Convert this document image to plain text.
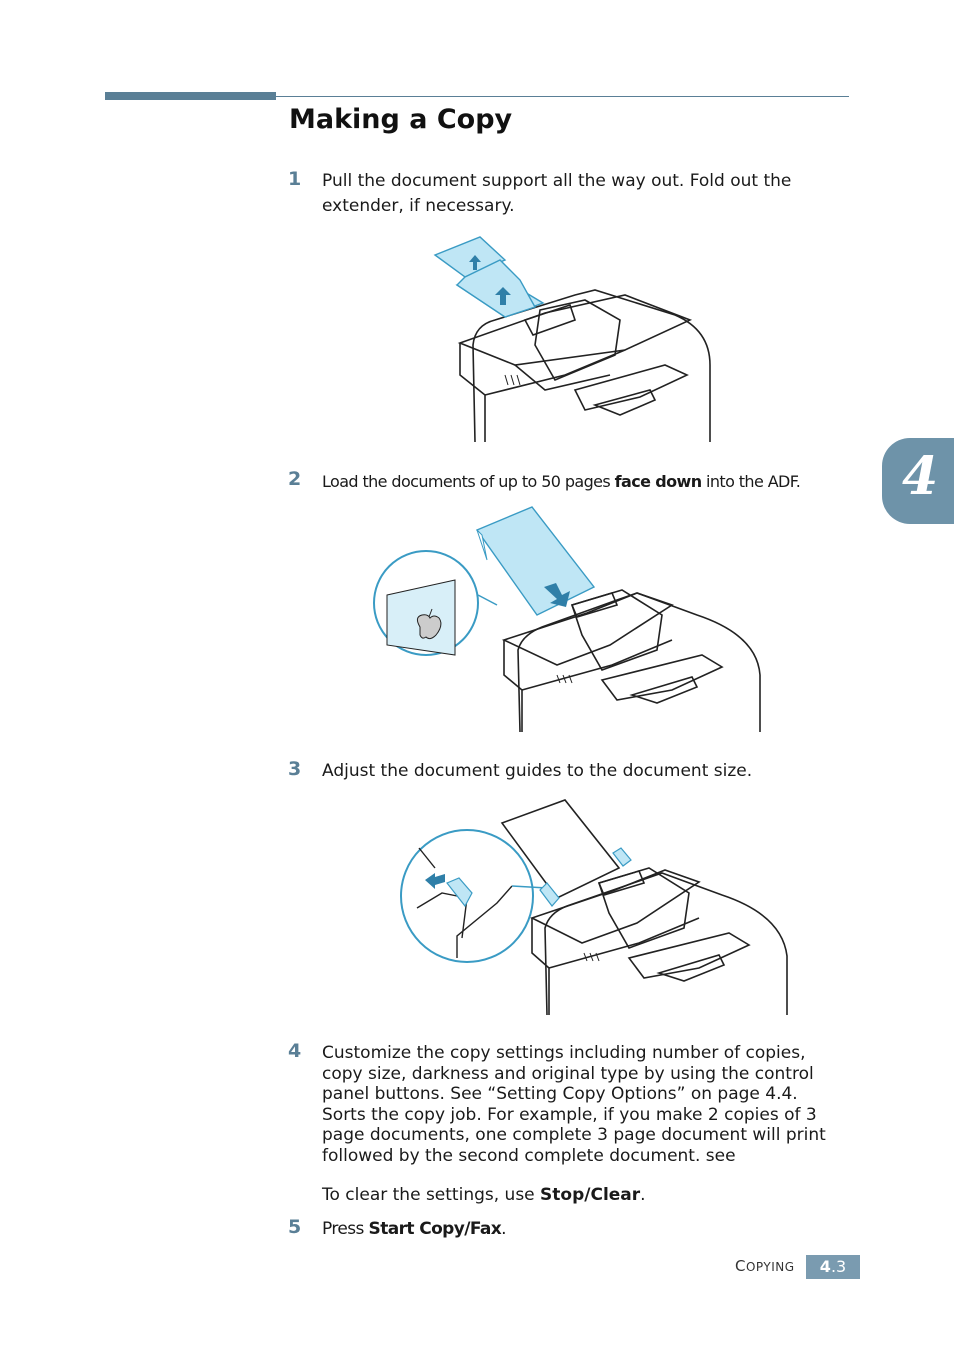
Making a Copy
1 Pull the document support all the way out. Fold out the extender, if necessary.
2 Load the documents of up to 50 pages face down into the ADF.
3 Adjust the document guides to the document size.
4 Customize the copy settings including number of copies,
copy size, darkness and original type by using the control
panel buttons. See “Setting Copy Options” on page 4.4.
Sorts the copy job. For example, if you make 2 copies of 3
page documents, one complete 3 page document will print
followed by the second complete document. see
To clear the settings, use Stop/Clear.
5 Press Start Copy/Fax.
4
COPYING	4.3
